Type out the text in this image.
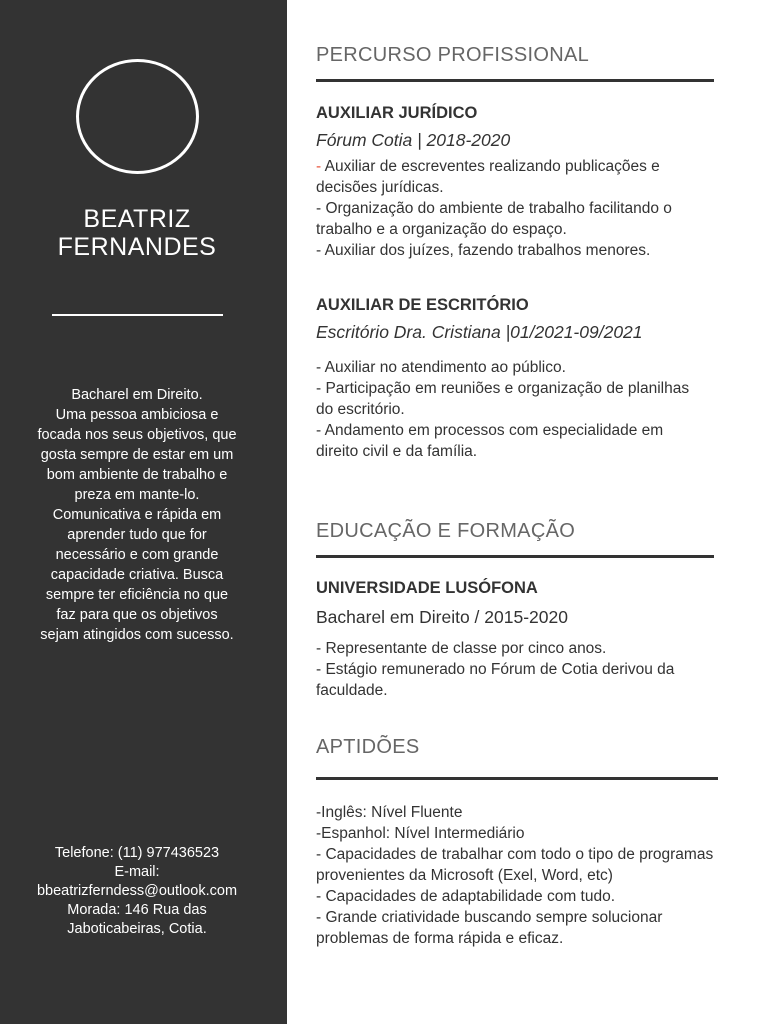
BEATRIZ
FERNANDES
Bacharel em Direito.
Uma pessoa ambiciosa e
focada nos seus objetivos, que
gosta sempre de estar em um
bom ambiente de trabalho e
preza em mante-lo.
Comunicativa e rápida em
aprender tudo que for
necessário e com grande
capacidade criativa. Busca
sempre ter eficiência no que
faz para que os objetivos
sejam atingidos com sucesso.
Telefone: (11) 977436523
E-mail:
bbeatrizferndess@outlook.com
Morada: 146 Rua das
Jaboticabeiras, Cotia.
PERCURSO PROFISSIONAL
AUXILIAR JURÍDICO
Fórum Cotia | 2018-2020
- Auxiliar de escreventes realizando publicações e
decisões jurídicas.
- Organização do ambiente de trabalho facilitando o
trabalho e a organização do espaço.
- Auxiliar dos juízes, fazendo trabalhos menores.
AUXILIAR DE ESCRITÓRIO
Escritório Dra. Cristiana |01/2021-09/2021
- Auxiliar no atendimento ao público.
- Participação em reuniões e organização de planilhas
do escritório.
- Andamento em processos com especialidade em
direito civil e da família.
EDUCAÇÃO E FORMAÇÃO
UNIVERSIDADE LUSÓFONA
Bacharel em Direito / 2015-2020
- Representante de classe por cinco anos.
- Estágio remunerado no Fórum de Cotia derivou da
faculdade.
APTIDÕES
-Inglês: Nível Fluente
-Espanhol: Nível Intermediário
- Capacidades de trabalhar com todo o tipo de programas
provenientes da Microsoft (Exel, Word, etc)
- Capacidades de adaptabilidade com tudo.
- Grande criatividade buscando sempre solucionar
problemas de forma rápida e eficaz.
